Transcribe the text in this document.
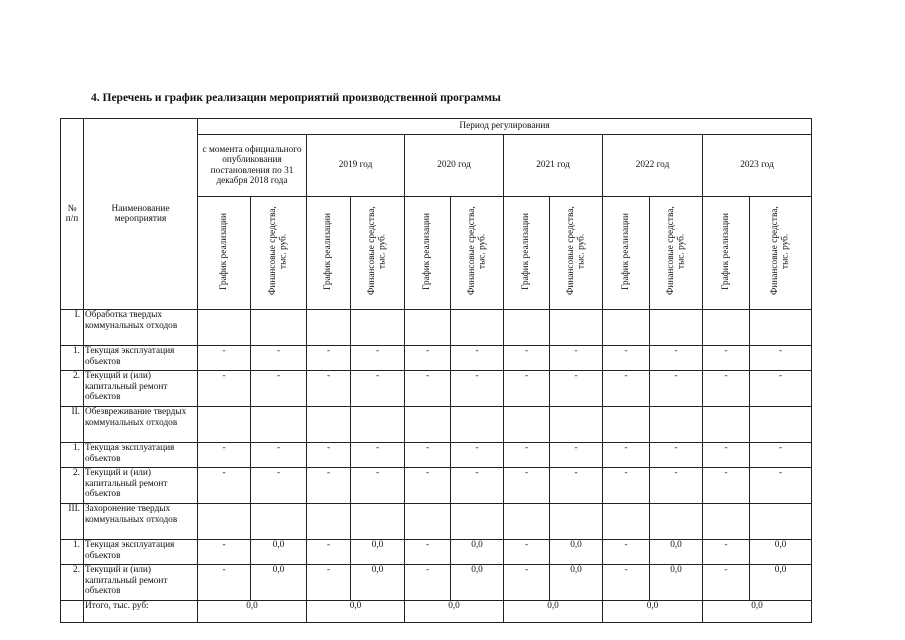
4. Перечень и график реализации мероприятий производственной программы
№ п/п	Наименование мероприятия	Период регулирования											
		с момента официального опубликования постановления по 31 декабря 2018 года		2019 год		2020 год		2021 год		2022 год		2023 год	
		График реализации	Финансовые средства, тыс. руб.	График реализации	Финансовые средства, тыс. руб.	График реализации	Финансовые средства, тыс. руб.	График реализации	Финансовые средства, тыс. руб.	График реализации	Финансовые средства, тыс. руб.	График реализации	Финансовые средства, тыс. руб.
I.	Обработка твердых коммунальных отходов												
1.	Текущая эксплуатация объектов	-	-	-	-	-	-	-	-	-	-	-	-
2.	Текущий и (или) капитальный ремонт объектов	-	-	-	-	-	-	-	-	-	-	-	-
II.	Обезвреживание твердых коммунальных отходов												
1.	Текущая эксплуатация объектов	-	-	-	-	-	-	-	-	-	-	-	-
2.	Текущий и (или) капитальный ремонт объектов	-	-	-	-	-	-	-	-	-	-	-	-
III.	Захоронение твердых коммунальных отходов												
1.	Текущая эксплуатация объектов	-	0,0	-	0,0	-	0,0	-	0,0	-	0,0	-	0,0
2.	Текущий и (или) капитальный ремонт объектов	-	0,0	-	0,0	-	0,0	-	0,0	-	0,0	-	0,0
	Итого, тыс. руб:	0,0		0,0		0,0		0,0		0,0		0,0	
